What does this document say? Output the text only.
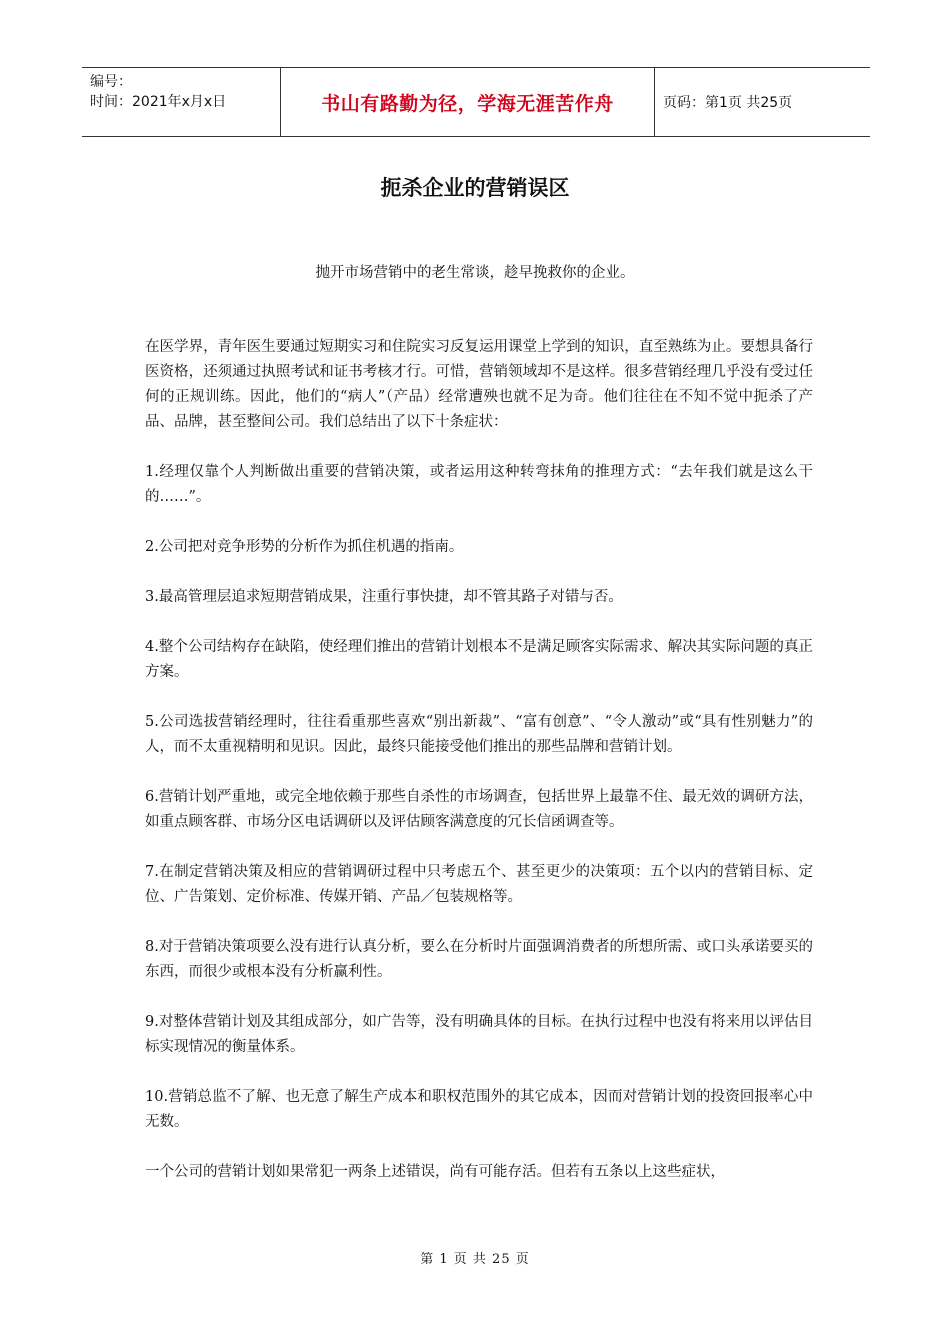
编号：
时间：2021年x月x日	书山有路勤为径，学海无涯苦作舟	页码：第1页 共25页
扼杀企业的营销误区
抛开市场营销中的老生常谈，趁早挽救你的企业。

在医学界，青年医生要通过短期实习和住院实习反复运用课堂上学到的知识，直至熟练为止。要想具备行医资格，还须通过执照考试和证书考核才行。可惜，营销领域却不是这样。很多营销经理几乎没有受过任何的正规训练。因此，他们的“病人”（产品）经常遭殃也就不足为奇。他们往往在不知不觉中扼杀了产品、品牌，甚至整间公司。我们总结出了以下十条症状：

1.经理仅靠个人判断做出重要的营销决策，或者运用这种转弯抹角的推理方式：“去年我们就是这么干的……”。

2.公司把对竞争形势的分析作为抓住机遇的指南。

3.最高管理层追求短期营销成果，注重行事快捷，却不管其路子对错与否。

4.整个公司结构存在缺陷，使经理们推出的营销计划根本不是满足顾客实际需求、解决其实际问题的真正方案。

5.公司选拔营销经理时，往往看重那些喜欢“别出新裁”、“富有创意”、“令人激动”或“具有性别魅力”的人，而不太重视精明和见识。因此，最终只能接受他们推出的那些品牌和营销计划。

6.营销计划严重地，或完全地依赖于那些自杀性的市场调查，包括世界上最靠不住、最无效的调研方法，如重点顾客群、市场分区电话调研以及评估顾客满意度的冗长信函调查等。

7.在制定营销决策及相应的营销调研过程中只考虑五个、甚至更少的决策项：五个以内的营销目标、定位、广告策划、定价标准、传媒开销、产品／包装规格等。

8.对于营销决策项要么没有进行认真分析，要么在分析时片面强调消费者的所想所需、或口头承诺要买的东西，而很少或根本没有分析赢利性。

9.对整体营销计划及其组成部分，如广告等，没有明确具体的目标。在执行过程中也没有将来用以评估目标实现情况的衡量体系。

10.营销总监不了解、也无意了解生产成本和职权范围外的其它成本，因而对营销计划的投资回报率心中无数。

一个公司的营销计划如果常犯一两条上述错误，尚有可能存活。但若有五条以上这些症状，

第 1 页 共 25 页
